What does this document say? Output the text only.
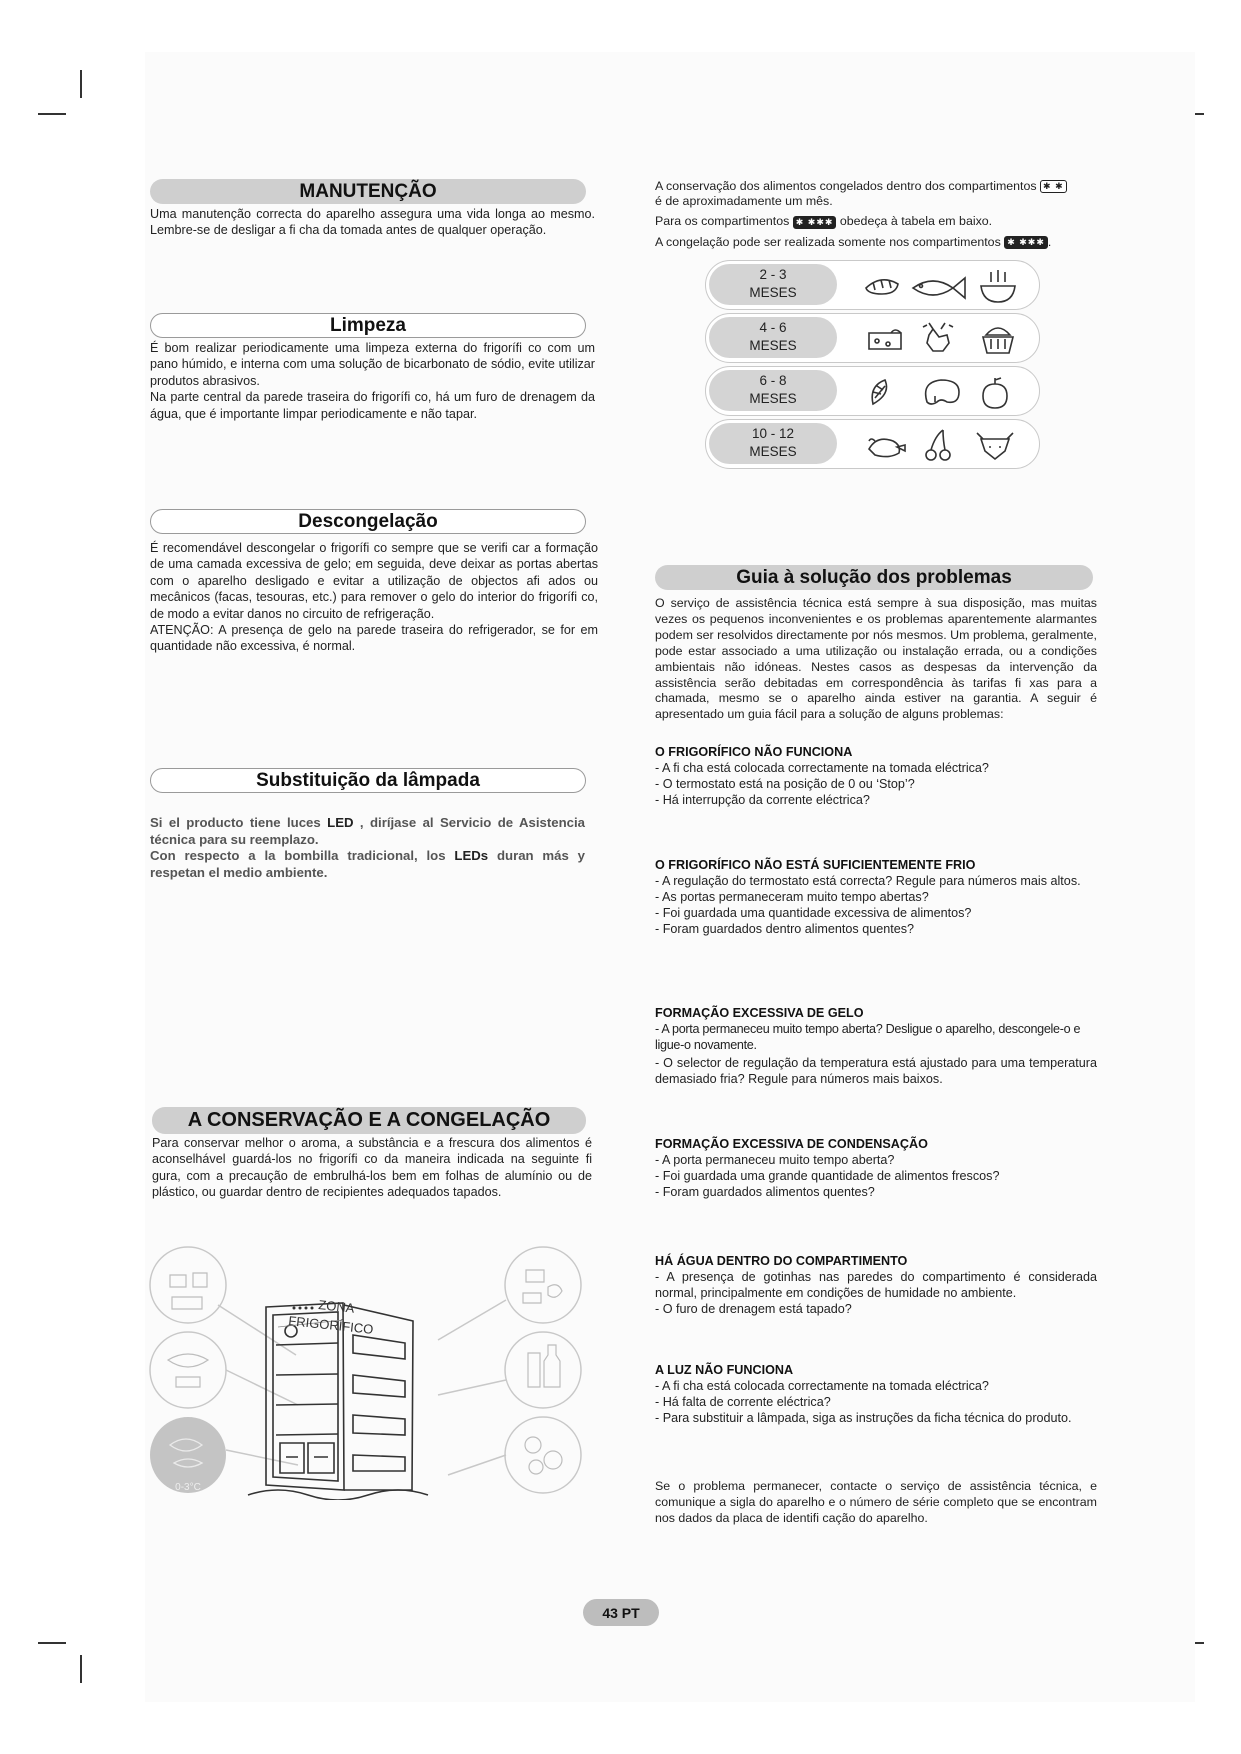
MANUTENÇÃO
Uma manutenção correcta do aparelho assegura uma vida longa ao mesmo. Lembre-se de desligar a fi cha da tomada antes de qualquer operação.
Limpeza

É bom realizar periodicamente uma limpeza externa do frigorífi co com um pano húmido, e interna com uma solução de bicarbonato de sódio, evite utilizar produtos abrasivos.

Na parte central da parede traseira do frigorífi co, há um furo de drenagem da água, que é importante limpar periodicamente e não tapar.

Descongelação

É recomendável descongelar o frigorífi co sempre que se verifi car a formação de uma camada excessiva de gelo; em seguida, deve deixar as portas abertas com o aparelho desligado e evitar a utilização de objectos afi ados ou mecânicos (facas, tesouras, etc.) para remover o gelo do interior do frigorífi co, de modo a evitar danos no circuito de refrigeração.

ATENÇÃO: A presença de gelo na parede traseira do refrigerador, se for em quantidade não excessiva, é normal.

Substituição da lâmpada

Si el producto tiene luces LED , diríjase al Servicio de Asistencia técnica para su reemplazo.

Con respecto a la bombilla tradicional, los LEDs duran más y respetan el medio ambiente.

A CONSERVAÇÃO E A CONGELAÇÃO
Para conservar melhor o aroma, a substância e a frescura dos alimentos é aconselhável guardá-los no frigorífi co da maneira indicada na seguinte fi gura, com a precaução de embrulhá-los bem em folhas de alumínio ou de plástico, ou guardar dentro de recipientes adequados tapados.
0-3°C
ZONA
FRIGORÍFICO

A conservação dos alimentos congelados dentro dos compartimentos ✱ ✱

é de aproximadamente um mês.

Para os compartimentos ✱ ✱✱✱ obedeça à tabela em baixo.

A congelação pode ser realizada somente nos compartimentos ✱ ✱✱✱ .

2 - 3
MESES
4 - 6
MESES
6 - 8
MESES
10 - 12
MESES
Guia à solução dos problemas
O serviço de assistência técnica está sempre à sua disposição, mas muitas vezes os pequenos inconvenientes e os problemas aparentemente alarmantes podem ser resolvidos directamente por nós mesmos. Um problema, geralmente, pode estar associado a uma utilização ou instalação errada, ou a condições ambientais não idóneas. Nestes casos as despesas da intervenção da assistência serão debitadas em correspondência às tarifas fi xas para a chamada, mesmo se o aparelho ainda estiver na garantia. A seguir é apresentado um guia fácil para a solução de alguns problemas:
O FRIGORÍFICO NÃO FUNCIONA
- A fi cha está colocada correctamente na tomada eléctrica?
- O termostato está na posição de 0 ou ‘Stop’?
- Há interrupção da corrente eléctrica?
O FRIGORÍFICO NÃO ESTÁ SUFICIENTEMENTE FRIO
- A regulação do termostato está correcta? Regule para números mais altos.
- As portas permaneceram muito tempo abertas?
- Foi guardada uma quantidade excessiva de alimentos?
- Foram guardados dentro alimentos quentes?
FORMAÇÃO EXCESSIVA DE GELO
- A porta permaneceu muito tempo aberta? Desligue o aparelho, descongele-o e ligue-o novamente.
- O selector de regulação da temperatura está ajustado para uma temperatura demasiado fria? Regule para números mais baixos.
FORMAÇÃO EXCESSIVA DE CONDENSAÇÃO
- A porta permaneceu muito tempo aberta?
- Foi guardada uma grande quantidade de alimentos frescos?
- Foram guardados alimentos quentes?
HÁ ÁGUA DENTRO DO COMPARTIMENTO
- A presença de gotinhas nas paredes do compartimento é considerada normal, principalmente em condições de humidade no ambiente.
- O furo de drenagem está tapado?
A LUZ NÃO FUNCIONA
- A fi cha está colocada correctamente na tomada eléctrica?
- Há falta de corrente eléctrica?
- Para substituir a lâmpada, siga as instruções da ficha técnica do produto.
Se o problema permanecer, contacte o serviço de assistência técnica, e comunique a sigla do aparelho e o número de série completo que se encontram nos dados da placa de identifi cação do aparelho.
43 PT
